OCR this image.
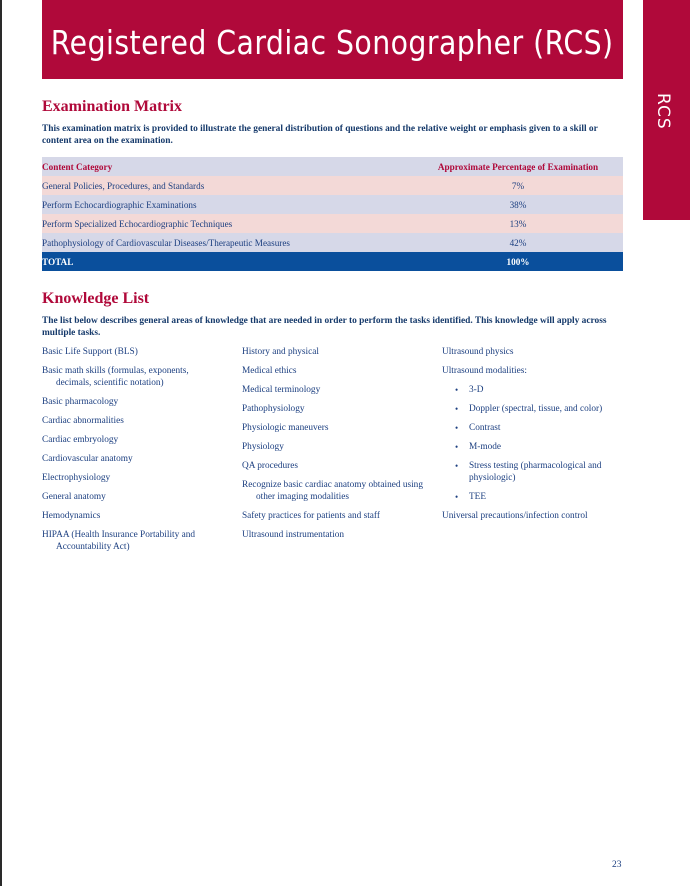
Registered Cardiac Sonographer (RCS)
RCS
Examination Matrix

This examination matrix is provided to illustrate the general distribution of questions and the relative weight or emphasis given to a skill or content area on the examination.

Content Category	Approximate Percentage of Examination
General Policies, Procedures, and Standards	7%
Perform Echocardiographic Examinations	38%
Perform Specialized Echocardiographic Techniques	13%
Pathophysiology of Cardiovascular Diseases/Therapeutic Measures	42%
TOTAL	100%
Knowledge List

The list below describes general areas of knowledge that are needed in order to perform the tasks identified. This knowledge will apply across multiple tasks.

Basic Life Support (BLS)
Basic math skills (formulas, exponents, decimals, scientific notation)
Basic pharmacology
Cardiac abnormalities
Cardiac embryology
Cardiovascular anatomy
Electrophysiology
General anatomy
Hemodynamics
HIPAA (Health Insurance Portability and Accountability Act)
History and physical
Medical ethics
Medical terminology
Pathophysiology
Physiologic maneuvers
Physiology
QA procedures
Recognize basic cardiac anatomy obtained using other imaging modalities
Safety practices for patients and staff
Ultrasound instrumentation
Ultrasound physics
Ultrasound modalities:
• 3-D
• Doppler (spectral, tissue, and color)
• Contrast
• M-mode
• Stress testing (pharmacological and physiologic)
• TEE
Universal precautions/infection control
23
